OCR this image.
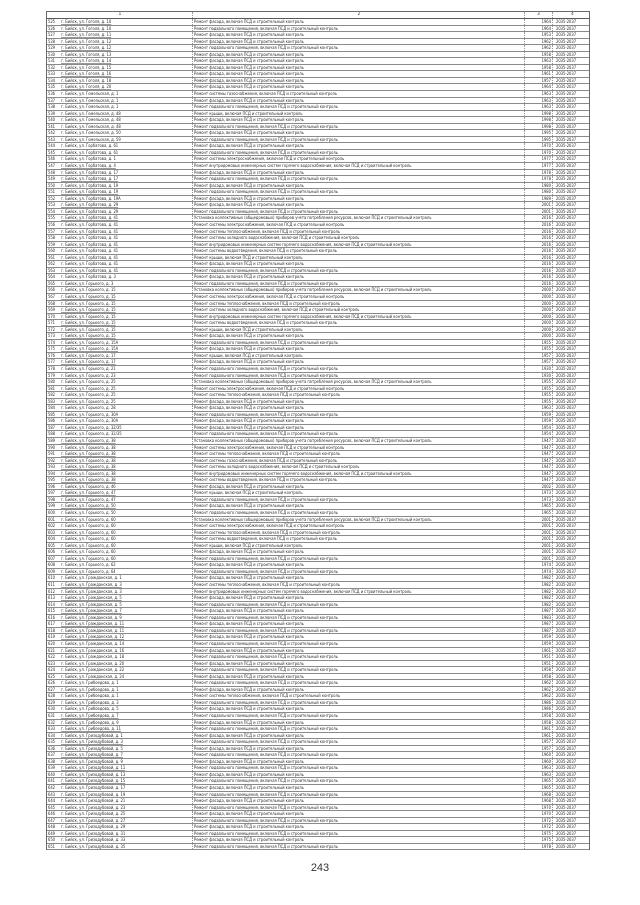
1	2	3	4
525 г. Бийск, ул. Гоголя, д. 10	Ремонт фасада, включая ПСД и строительный контроль	1964	2035-2037
526 г. Бийск, ул. Гоголя, д. 10	Ремонт подвального помещения, включая ПСД и строительный контроль	1964	2035-2037
527 г. Бийск, ул. Гоголя, д. 11	Ремонт фасада, включая ПСД и строительный контроль	1953	2035-2037
528 г. Бийск, ул. Гоголя, д. 12	Ремонт фасада, включая ПСД и строительный контроль	1962	2035-2037
529 г. Бийск, ул. Гоголя, д. 12	Ремонт подвального помещения, включая ПСД и строительный контроль	1962	2035-2037
530 г. Бийск, ул. Гоголя, д. 13	Ремонт фасада, включая ПСД и строительный контроль	1958	2035-2037
531 г. Бийск, ул. Гоголя, д. 14	Ремонт фасада, включая ПСД и строительный контроль	1963	2035-2037
532 г. Бийск, ул. Гоголя, д. 15	Ремонт фасада, включая ПСД и строительный контроль	1958	2035-2037
533 г. Бийск, ул. Гоголя, д. 16	Ремонт фасада, включая ПСД и строительный контроль	1961	2035-2037
534 г. Бийск, ул. Гоголя, д. 18	Ремонт фасада, включая ПСД и строительный контроль	1957	2035-2037
535 г. Бийск, ул. Гоголя, д. 20	Ремонт фасада, включая ПСД и строительный контроль	1964	2035-2037
536 г. Бийск, ул. Гомельская, д. 1	Ремонт системы газоснабжения, включая ПСД и строительный контроль	1963	2035-2037
537 г. Бийск, ул. Гомельская, д. 1	Ремонт фасада, включая ПСД и строительный контроль	1963	2035-2037
538 г. Бийск, ул. Гомельская, д. 1	Ремонт подвального помещения, включая ПСД и строительный контроль	1963	2035-2037
539 г. Бийск, ул. Гомельская, д. 48	Ремонт крыши, включая ПСД и строительный контроль	1998	2035-2037
540 г. Бийск, ул. Гомельская, д. 48	Ремонт фасада, включая ПСД и строительный контроль	1998	2035-2037
541 г. Бийск, ул. Гомельская, д. 48	Ремонт подвального помещения, включая ПСД и строительный контроль	1998	2035-2037
542 г. Бийск, ул. Гомельская, д. 50	Ремонт фасада, включая ПСД и строительный контроль	1995	2035-2037
543 г. Бийск, ул. Гомельская, д. 59	Ремонт подвального помещения, включая ПСД и строительный контроль	1995	2035-2037
544 г. Бийск, ул. Горбатова, д. 61	Ремонт фасада, включая ПСД и строительный контроль	1970	2035-2037
545 г. Бийск, ул. Горбатова, д. 61	Ремонт подвального помещения, включая ПСД и строительный контроль	1970	2035-2037
546 г. Бийск, ул. Горбатова, д. 1	Ремонт системы электроснабжения, включая ПСД и строительный контроль	1977	2035-2037
547 г. Бийск, ул. Горбатова, д. 4	Ремонт внутридомовых инженерных систем горячего водоснабжения, включая ПСД и строительный контроль	1977	2035-2037
548 г. Бийск, ул. Горбатова, д. 17	Ремонт фасада, включая ПСД и строительный контроль	1978	2035-2037
549 г. Бийск, ул. Горбатова, д. 17	Ремонт подвального помещения, включая ПСД и строительный контроль	1978	2035-2037
550 г. Бийск, ул. Горбатова, д. 19	Ремонт фасада, включая ПСД и строительный контроль	1980	2035-2037
551 г. Бийск, ул. Горбатова, д. 19	Ремонт подвального помещения, включая ПСД и строительный контроль	1980	2035-2037
552 г. Бийск, ул. Горбатова, д. 19А	Ремонт фасада, включая ПСД и строительный контроль	1989	2035-2037
553 г. Бийск, ул. Горбатова, д. 29	Ремонт фасада, включая ПСД и строительный контроль	2001	2035-2037
554 г. Бийск, ул. Горбатова, д. 29	Ремонт подвального помещения, включая ПСД и строительный контроль	2001	2035-2037
555 г. Бийск, ул. Горбатова, д. 41	Установка коллективных (общедомовых) приборов учета потребления ресурсов, включая ПСД и строительный контроль	2016	2035-2037
556 г. Бийск, ул. Горбатова, д. 41	Ремонт системы электроснабжения, включая ПСД и строительный контроль	2016	2035-2037
557 г. Бийск, ул. Горбатова, д. 41	Ремонт системы теплоснабжения, включая ПСД и строительный контроль	2016	2035-2037
558 г. Бийск, ул. Горбатова, д. 41	Ремонт системы холодного водоснабжения, включая ПСД и строительный контроль	2016	2035-2037
559 г. Бийск, ул. Горбатова, д. 41	Ремонт внутридомовых инженерных систем горячего водоснабжения, включая ПСД и строительный контроль	2016	2035-2037
560 г. Бийск, ул. Горбатова, д. 41	Ремонт системы водоотведения, включая ПСД и строительный контроль	2016	2035-2037
561 г. Бийск, ул. Горбатова, д. 41	Ремонт крыши, включая ПСД и строительный контроль	2016	2035-2037
562 г. Бийск, ул. Горбатова, д. 41	Ремонт фасада, включая ПСД и строительный контроль	2016	2035-2037
563 г. Бийск, ул. Горбатова, д. 41	Ремонт подвального помещения, включая ПСД и строительный контроль	2016	2035-2037
564 г. Бийск, ул. Горбатова, д. 3	Ремонт фасада, включая ПСД и строительный контроль	2016	2035-2037
565 г. Бийск, ул. Горького, д. 3	Ремонт подвального помещения, включая ПСД и строительный контроль	2016	2035-2037
566 г. Бийск, ул. Горького, д. 15	Установка коллективных (общедомовых) приборов учета потребления ресурсов, включая ПСД и строительный контроль	2000	2035-2037
567 г. Бийск, ул. Горького, д. 15	Ремонт системы электроснабжения, включая ПСД и строительный контроль	2000	2035-2037
568 г. Бийск, ул. Горького, д. 15	Ремонт системы теплоснабжения, включая ПСД и строительный контроль	2000	2035-2037
569 г. Бийск, ул. Горького, д. 15	Ремонт системы холодного водоснабжения, включая ПСД и строительный контроль	2000	2035-2037
570 г. Бийск, ул. Горького, д. 15	Ремонт внутридомовых инженерных систем горячего водоснабжения, включая ПСД и строительный контроль	2000	2035-2037
571 г. Бийск, ул. Горького, д. 15	Ремонт системы водоотведения, включая ПСД и строительный контроль	2000	2035-2037
572 г. Бийск, ул. Горького, д. 15	Ремонт крыши, включая ПСД и строительный контроль	2000	2035-2037
573 г. Бийск, ул. Горького, д. 15	Ремонт фасада, включая ПСД и строительный контроль	2000	2035-2037
574 г. Бийск, ул. Горького, д. 15А	Ремонт подвального помещения, включая ПСД и строительный контроль	1955	2035-2037
575 г. Бийск, ул. Горького, д. 15А	Ремонт фасада, включая ПСД и строительный контроль	1955	2035-2037
576 г. Бийск, ул. Горького, д. 17	Ремонт крыши, включая ПСД и строительный контроль	1957	2035-2037
577 г. Бийск, ул. Горького, д. 17	Ремонт фасада, включая ПСД и строительный контроль	1957	2035-2037
578 г. Бийск, ул. Горького, д. 21	Ремонт подвального помещения, включая ПСД и строительный контроль	1930	2035-2037
579 г. Бийск, ул. Горького, д. 23	Ремонт подвального помещения, включая ПСД и строительный контроль	1930	2035-2037
580 г. Бийск, ул. Горького, д. 25	Установка коллективных (общедомовых) приборов учета потребления ресурсов, включая ПСД и строительный контроль	1955	2035-2037
581 г. Бийск, ул. Горького, д. 25	Ремонт системы электроснабжения, включая ПСД и строительный контроль	1955	2035-2037
582 г. Бийск, ул. Горького, д. 25	Ремонт системы теплоснабжения, включая ПСД и строительный контроль	1955	2035-2037
583 г. Бийск, ул. Горького, д. 25	Ремонт фасада, включая ПСД и строительный контроль	1955	2035-2037
584 г. Бийск, ул. Горького, д. 28	Ремонт фасада, включая ПСД и строительный контроль	1963	2035-2037
585 г. Бийск, ул. Горького, д. 30А	Ремонт подвального помещения, включая ПСД и строительный контроль	1959	2035-2037
586 г. Бийск, ул. Горького, д. 30А	Ремонт фасада, включая ПСД и строительный контроль	1959	2035-2037
587 г. Бийск, ул. Горького, д. 32/35	Ремонт фасада, включая ПСД и строительный контроль	1954	2035-2037
588 г. Бийск, ул. Горького, д. 32/35	Ремонт подвального помещения, включая ПСД и строительный контроль	1954	2035-2037
589 г. Бийск, ул. Горького, д. 38	Установка коллективных (общедомовых) приборов учета потребления ресурсов, включая ПСД и строительный контроль	1947	2035-2037
590 г. Бийск, ул. Горького, д. 38	Ремонт системы электроснабжения, включая ПСД и строительный контроль	1947	2035-2037
591 г. Бийск, ул. Горького, д. 38	Ремонт системы теплоснабжения, включая ПСД и строительный контроль	1947	2035-2037
592 г. Бийск, ул. Горького, д. 38	Ремонт системы газоснабжения, включая ПСД и строительный контроль	1947	2035-2037
593 г. Бийск, ул. Горького, д. 38	Ремонт системы холодного водоснабжения, включая ПСД и строительный контроль	1947	2035-2037
594 г. Бийск, ул. Горького, д. 38	Ремонт внутридомовых инженерных систем горячего водоснабжения, включая ПСД и строительный контроль	1947	2035-2037
595 г. Бийск, ул. Горького, д. 38	Ремонт системы водоотведения, включая ПСД и строительный контроль	1947	2035-2037
596 г. Бийск, ул. Горького, д. 46	Ремонт фасада, включая ПСД и строительный контроль	2002	2035-2037
597 г. Бийск, ул. Горького, д. 47	Ремонт крыши, включая ПСД и строительный контроль	1973	2035-2037
598 г. Бийск, ул. Горького, д. 47	Ремонт подвального помещения, включая ПСД и строительный контроль	1973	2035-2037
599 г. Бийск, ул. Горького, д. 50	Ремонт фасада, включая ПСД и строительный контроль	1965	2035-2037
600 г. Бийск, ул. Горького, д. 50	Ремонт подвального помещения, включая ПСД и строительный контроль	1965	2035-2037
601 г. Бийск, ул. Горького, д. 60	Установка коллективных (общедомовых) приборов учета потребления ресурсов, включая ПСД и строительный контроль	2001	2035-2037
602 г. Бийск, ул. Горького, д. 60	Ремонт системы электроснабжения, включая ПСД и строительный контроль	2001	2035-2037
603 г. Бийск, ул. Горького, д. 60	Ремонт системы теплоснабжения, включая ПСД и строительный контроль	2001	2035-2037
604 г. Бийск, ул. Горького, д. 60	Ремонт системы водоотведения, включая ПСД и строительный контроль	2001	2035-2037
605 г. Бийск, ул. Горького, д. 60	Ремонт крыши, включая ПСД и строительный контроль	2001	2035-2037
606 г. Бийск, ул. Горького, д. 60	Ремонт фасада, включая ПСД и строительный контроль	2001	2035-2037
607 г. Бийск, ул. Горького, д. 60	Ремонт подвального помещения, включая ПСД и строительный контроль	2001	2035-2037
608 г. Бийск, ул. Горького, д. 62	Ремонт фасада, включая ПСД и строительный контроль	1974	2035-2037
609 г. Бийск, ул. Горького, д. 64	Ремонт подвального помещения, включая ПСД и строительный контроль	1974	2035-2037
610 г. Бийск, ул. Гражданская, д. 1	Ремонт фасада, включая ПСД и строительный контроль	1982	2035-2037
611 г. Бийск, ул. Гражданская, д. 3	Ремонт системы теплоснабжения, включая ПСД и строительный контроль	1982	2035-2037
612 г. Бийск, ул. Гражданская, д. 3	Ремонт внутридомовых инженерных систем горячего водоснабжения, включая ПСД и строительный контроль	1982	2035-2037
613 г. Бийск, ул. Гражданская, д. 5	Ремонт фасада, включая ПСД и строительный контроль	1982	2035-2037
614 г. Бийск, ул. Гражданская, д. 5	Ремонт подвального помещения, включая ПСД и строительный контроль	1982	2035-2037
615 г. Бийск, ул. Гражданская, д. 7	Ремонт фасада, включая ПСД и строительный контроль	1987	2035-2037
616 г. Бийск, ул. Гражданская, д. 9	Ремонт подвального помещения, включая ПСД и строительный контроль	1983	2035-2037
617 г. Бийск, ул. Гражданская, д. 11	Ремонт фасада, включая ПСД и строительный контроль	1987	2035-2037
618 г. Бийск, ул. Гражданская, д. 11	Ремонт подвального помещения, включая ПСД и строительный контроль	1987	2035-2037
619 г. Бийск, ул. Гражданская, д. 12	Ремонт фасада, включая ПСД и строительный контроль	1959	2035-2037
620 г. Бийск, ул. Гражданская, д. 14	Ремонт подвального помещения, включая ПСД и строительный контроль	1959	2035-2037
621 г. Бийск, ул. Гражданская, д. 16	Ремонт фасада, включая ПСД и строительный контроль	1961	2035-2037
622 г. Бийск, ул. Гражданская, д. 18	Ремонт подвального помещения, включая ПСД и строительный контроль	1951	2035-2037
623 г. Бийск, ул. Гражданская, д. 20	Ремонт фасада, включая ПСД и строительный контроль	1951	2035-2037
624 г. Бийск, ул. Гражданская, д. 22	Ремонт подвального помещения, включая ПСД и строительный контроль	1958	2035-2037
625 г. Бийск, ул. Гражданская, д. 24	Ремонт фасада, включая ПСД и строительный контроль	1958	2035-2037
626 г. Бийск, ул. Грибоедова, д. 1	Ремонт подвального помещения, включая ПСД и строительный контроль	1962	2035-2037
627 г. Бийск, ул. Грибоедова, д. 1	Ремонт фасада, включая ПСД и строительный контроль	1962	2035-2037
628 г. Бийск, ул. Грибоедова, д. 1	Ремонт системы теплоснабжения, включая ПСД и строительный контроль	1962	2035-2037
629 г. Бийск, ул. Грибоедова, д. 3	Ремонт подвального помещения, включая ПСД и строительный контроль	1986	2035-2037
630 г. Бийск, ул. Грибоедова, д. 5	Ремонт фасада, включая ПСД и строительный контроль	1986	2035-2037
631 г. Бийск, ул. Грибоедова, д. 7	Ремонт подвального помещения, включая ПСД и строительный контроль	1958	2035-2037
632 г. Бийск, ул. Грибоедова, д. 9	Ремонт фасада, включая ПСД и строительный контроль	1958	2035-2037
633 г. Бийск, ул. Грибоедова, д. 11	Ремонт подвального помещения, включая ПСД и строительный контроль	1961	2035-2037
634 г. Бийск, ул. Гризодубовой, д. 1	Ремонт фасада, включая ПСД и строительный контроль	1961	2035-2037
635 г. Бийск, ул. Гризодубовой, д. 3	Ремонт подвального помещения, включая ПСД и строительный контроль	1957	2035-2037
636 г. Бийск, ул. Гризодубовой, д. 5	Ремонт фасада, включая ПСД и строительный контроль	1957	2035-2037
637 г. Бийск, ул. Гризодубовой, д. 7	Ремонт подвального помещения, включая ПСД и строительный контроль	1960	2035-2037
638 г. Бийск, ул. Гризодубовой, д. 9	Ремонт фасада, включая ПСД и строительный контроль	1960	2035-2037
639 г. Бийск, ул. Гризодубовой, д. 11	Ремонт подвального помещения, включая ПСД и строительный контроль	1963	2035-2037
640 г. Бийск, ул. Гризодубовой, д. 13	Ремонт фасада, включая ПСД и строительный контроль	1963	2035-2037
641 г. Бийск, ул. Гризодубовой, д. 15	Ремонт подвального помещения, включая ПСД и строительный контроль	1965	2035-2037
642 г. Бийск, ул. Гризодубовой, д. 17	Ремонт фасада, включая ПСД и строительный контроль	1965	2035-2037
643 г. Бийск, ул. Гризодубовой, д. 19	Ремонт подвального помещения, включая ПСД и строительный контроль	1968	2035-2037
644 г. Бийск, ул. Гризодубовой, д. 21	Ремонт фасада, включая ПСД и строительный контроль	1968	2035-2037
645 г. Бийск, ул. Гризодубовой, д. 23	Ремонт подвального помещения, включая ПСД и строительный контроль	1970	2035-2037
646 г. Бийск, ул. Гризодубовой, д. 25	Ремонт фасада, включая ПСД и строительный контроль	1970	2035-2037
647 г. Бийск, ул. Гризодубовой, д. 27	Ремонт подвального помещения, включая ПСД и строительный контроль	1972	2035-2037
648 г. Бийск, ул. Гризодубовой, д. 29	Ремонт фасада, включая ПСД и строительный контроль	1972	2035-2037
649 г. Бийск, ул. Гризодубовой, д. 31	Ремонт подвального помещения, включая ПСД и строительный контроль	1975	2035-2037
650 г. Бийск, ул. Гризодубовой, д. 33	Ремонт фасада, включая ПСД и строительный контроль	1975	2035-2037
651 г. Бийск, ул. Гризодубовой, д. 35	Ремонт подвального помещения, включая ПСД и строительный контроль	1978	2035-2037
243
